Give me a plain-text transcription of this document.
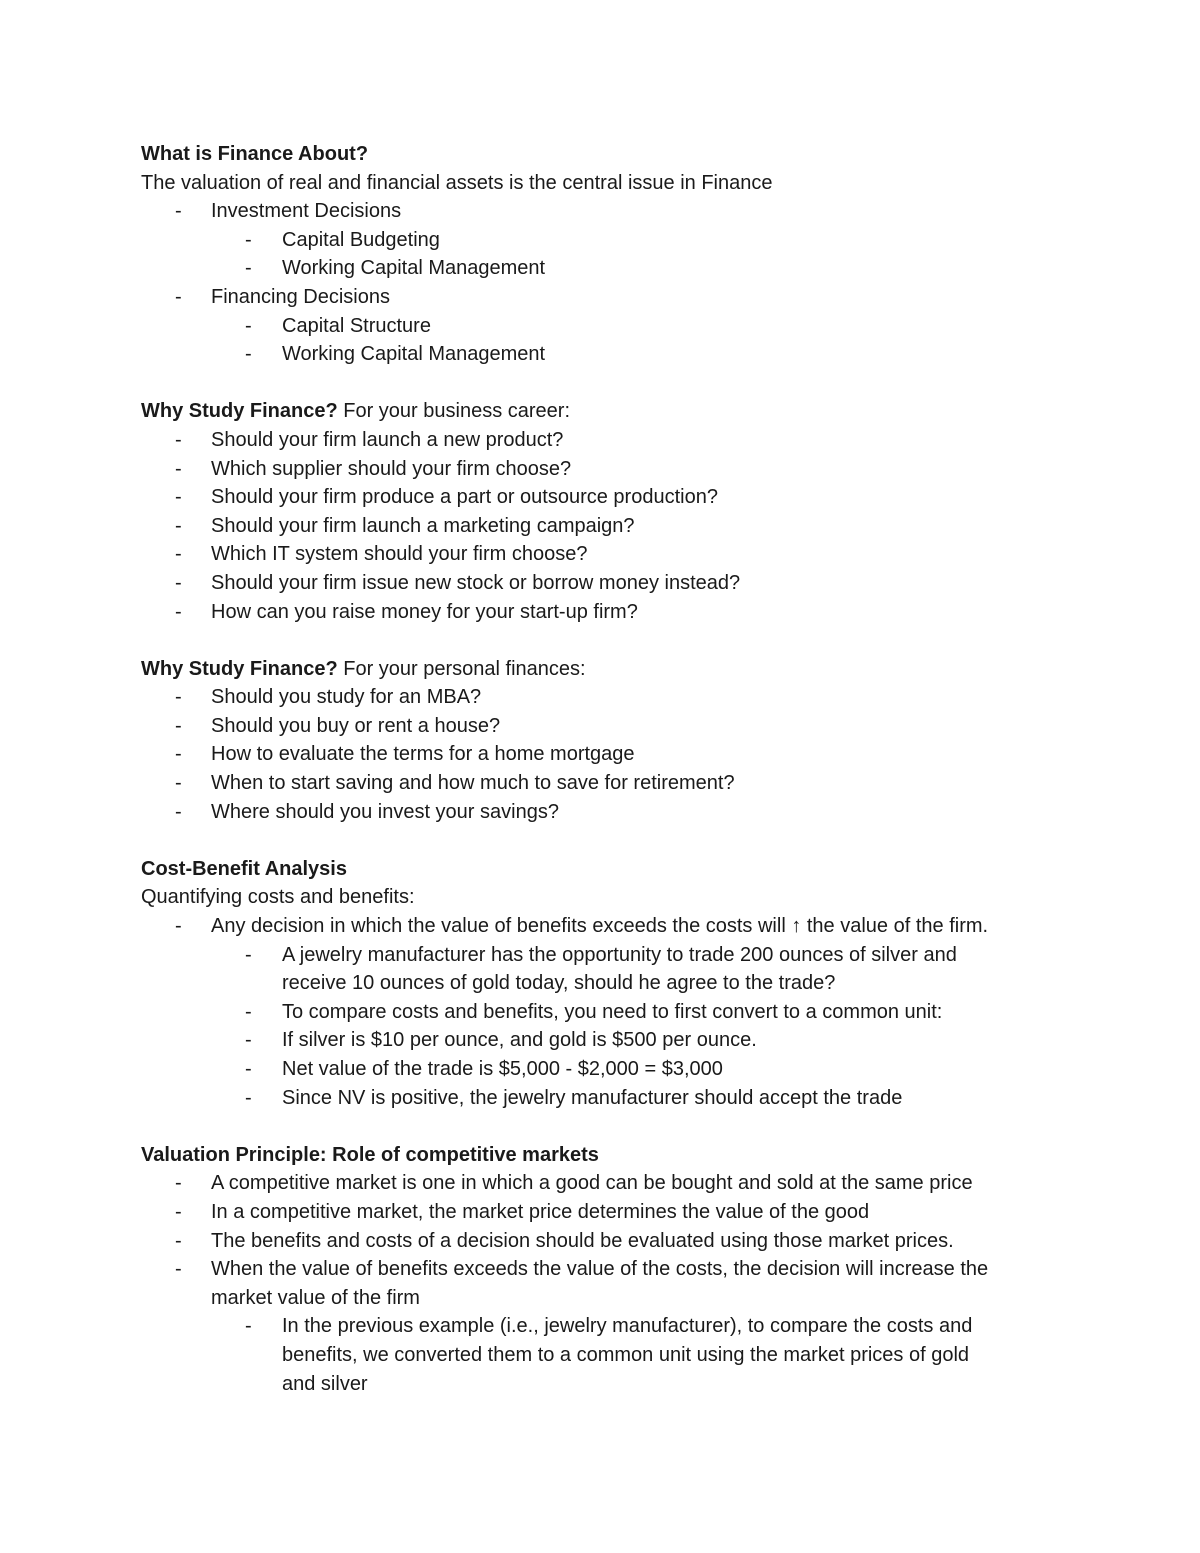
What is Finance About?
The valuation of real and financial assets is the central issue in Finance
- Investment Decisions
- Capital Budgeting
- Working Capital Management
- Financing Decisions
- Capital Structure
- Working Capital Management
Why Study Finance? For your business career:
- Should your firm launch a new product?
- Which supplier should your firm choose?
- Should your firm produce a part or outsource production?
- Should your firm launch a marketing campaign?
- Which IT system should your firm choose?
- Should your firm issue new stock or borrow money instead?
- How can you raise money for your start-up firm?
Why Study Finance? For your personal finances:
- Should you study for an MBA?
- Should you buy or rent a house?
- How to evaluate the terms for a home mortgage
- When to start saving and how much to save for retirement?
- Where should you invest your savings?
Cost-Benefit Analysis
Quantifying costs and benefits:
- Any decision in which the value of benefits exceeds the costs will ↑ the value of the firm.
- A jewelry manufacturer has the opportunity to trade 200 ounces of silver and
receive 10 ounces of gold today, should he agree to the trade?
- To compare costs and benefits, you need to first convert to a common unit:
- If silver is $10 per ounce, and gold is $500 per ounce.
- Net value of the trade is $5,000 - $2,000 = $3,000
- Since NV is positive, the jewelry manufacturer should accept the trade
Valuation Principle: Role of competitive markets
- A competitive market is one in which a good can be bought and sold at the same price
- In a competitive market, the market price determines the value of the good
- The benefits and costs of a decision should be evaluated using those market prices.
- When the value of benefits exceeds the value of the costs, the decision will increase the
market value of the firm
- In the previous example (i.e., jewelry manufacturer), to compare the costs and
benefits, we converted them to a common unit using the market prices of gold
and silver
